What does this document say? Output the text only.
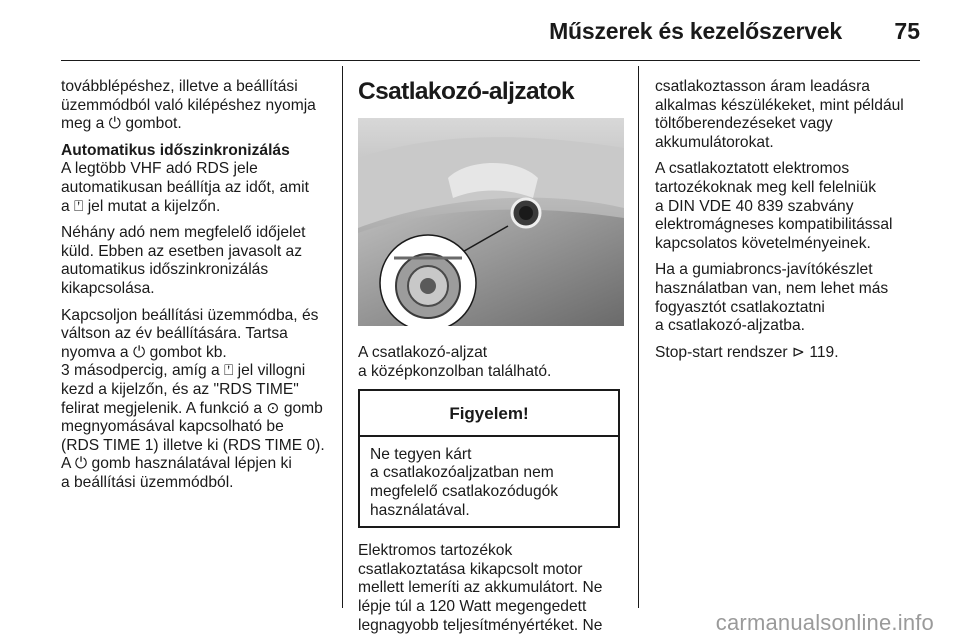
Műszerek és kezelőszervek 75

továbblépéshez, illetve a beállítási
üzemmódból való kilépéshez nyomja
meg a ⏻ gombot.

Automatikus időszinkronizálás

A legtöbb VHF adó RDS jele
automatikusan beállítja az időt, amit
a ⍞ jel mutat a kijelzőn.

Néhány adó nem megfelelő időjelet
küld. Ebben az esetben javasolt az
automatikus időszinkronizálás
kikapcsolása.

Kapcsoljon beállítási üzemmódba, és
váltson az év beállítására. Tartsa
nyomva a ⏻ gombot kb.
3 másodpercig, amíg a ⍞ jel villogni
kezd a kijelzőn, és az "RDS TIME"
felirat megjelenik. A funkció a ⊙ gomb
megnyomásával kapcsolható be
(RDS TIME 1) illetve ki (RDS TIME 0).
A ⏻ gomb használatával lépjen ki
a beállítási üzemmódból.

Csatlakozó-aljzatok

A csatlakozó-aljzat
a középkonzolban található.

Figyelem!
Ne tegyen kárt
a csatlakozóaljzatban nem
megfelelő csatlakozódugók
használatával.

Elektromos tartozékok
csatlakoztatása kikapcsolt motor
mellett lemeríti az akkumulátort. Ne
lépje túl a 120 Watt megengedett
legnagyobb teljesítményértéket. Ne

csatlakoztasson áram leadásra
alkalmas készülékeket, mint például
töltőberendezéseket vagy
akkumulátorokat.

A csatlakoztatott elektromos
tartozékoknak meg kell felelniük
a DIN VDE 40 839 szabvány
elektromágneses kompatibilitással
kapcsolatos követelményeinek.

Ha a gumiabroncs-javítókészlet
használatban van, nem lehet más
fogyasztót csatlakoztatni
a csatlakozó-aljzatba.

Stop-start rendszer ⊳ 119.

carmanualsonline.info
